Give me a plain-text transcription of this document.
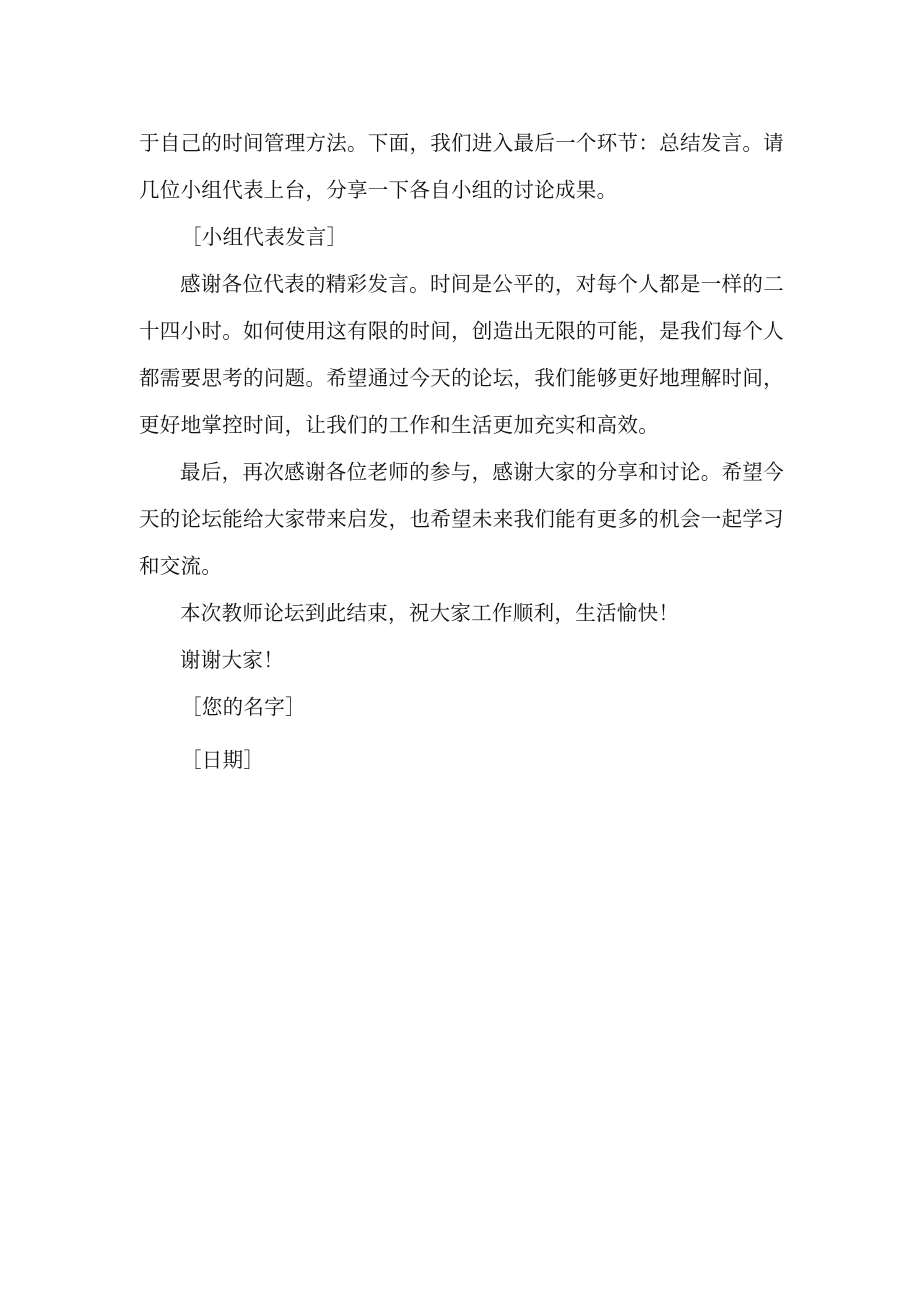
于自己的时间管理方法。下面，我们进入最后一个环节：总结发言。请几位小组代表上台，分享一下各自小组的讨论成果。

［小组代表发言］

感谢各位代表的精彩发言。时间是公平的，对每个人都是一样的二十四小时。如何使用这有限的时间，创造出无限的可能，是我们每个人都需要思考的问题。希望通过今天的论坛，我们能够更好地理解时间，更好地掌控时间，让我们的工作和生活更加充实和高效。

最后，再次感谢各位老师的参与，感谢大家的分享和讨论。希望今天的论坛能给大家带来启发，也希望未来我们能有更多的机会一起学习和交流。

本次教师论坛到此结束，祝大家工作顺利，生活愉快！

谢谢大家！

［您的名字］

［日期］
